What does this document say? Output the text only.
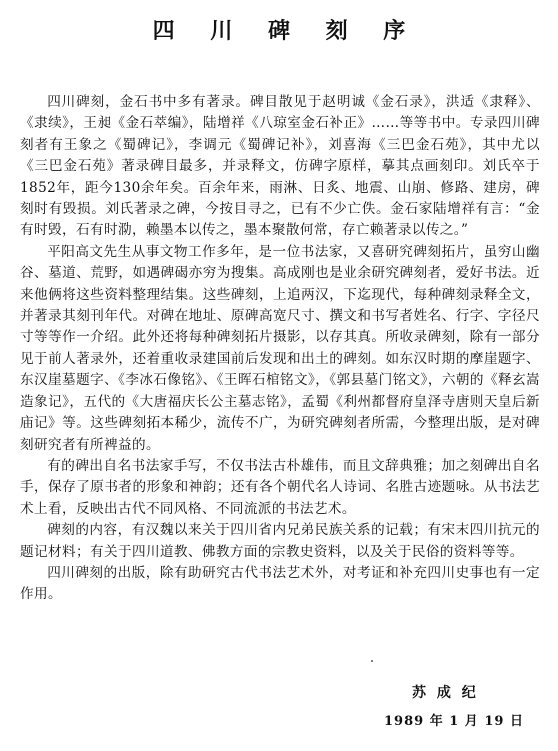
四 川 碑 刻 序

四川碑刻，金石书中多有著录。碑目散见于赵明诚《金石录》，洪适《隶释》、《隶续》，王昶《金石萃编》，陆增祥《八琼室金石补正》……等等书中。专录四川碑刻者有王象之《蜀碑记》，李调元《蜀碑记补》，刘喜海《三巴金石苑》，其中尤以《三巴金石苑》著录碑目最多，并录释文，仿碑字原样，摹其点画刻印。刘氏卒于1852年，距今130余年矣。百余年来，雨淋、日炙、地震、山崩、修路、建房，碑刻时有毁损。刘氏著录之碑，今按目寻之，已有不少亡佚。金石家陆增祥有言：“金有时毁，石有时泐，赖墨本以传之，墨本聚散何常，存亡赖著录以传之。”

平阳高文先生从事文物工作多年，是一位书法家，又喜研究碑刻拓片，虽穷山幽谷、墓道、荒野，如遇碑碣亦穷为搜集。高成刚也是业余研究碑刻者，爱好书法。近来他俩将这些资料整理结集。这些碑刻，上追两汉，下迄现代，每种碑刻录释全文，并著录其刻刊年代。对碑在地址、原碑高宽尺寸、撰文和书写者姓名、行字、字径尺寸等等作一介绍。此外还将每种碑刻拓片摄影，以存其真。所收录碑刻，除有一部分见于前人著录外，还着重收录建国前后发现和出土的碑刻。如东汉时期的摩崖题字、东汉崖墓题字、《李冰石像铭》、《王晖石棺铭文》，《郭县墓门铭文》，六朝的《释玄嵩造象记》，五代的《大唐福庆长公主墓志铭》，孟蜀《利州都督府皇泽寺唐则天皇后新庙记》等。这些碑刻拓本稀少，流传不广，为研究碑刻者所需，今整理出版，是对碑刻研究者有所裨益的。

有的碑出自名书法家手写，不仅书法古朴雄伟，而且文辞典雅；加之刻碑出自名手，保存了原书者的形象和神韵；还有各个朝代名人诗词、名胜古迹题咏。从书法艺术上看，反映出古代不同风格、不同流派的书法艺术。

碑刻的内容，有汉魏以来关于四川省内兄弟民族关系的记载；有宋末四川抗元的题记材料；有关于四川道教、佛教方面的宗教史资料，以及关于民俗的资料等等。

四川碑刻的出版，除有助研究古代书法艺术外，对考证和补充四川史事也有一定作用。

苏 成 纪
1989 年 1 月 19 日
